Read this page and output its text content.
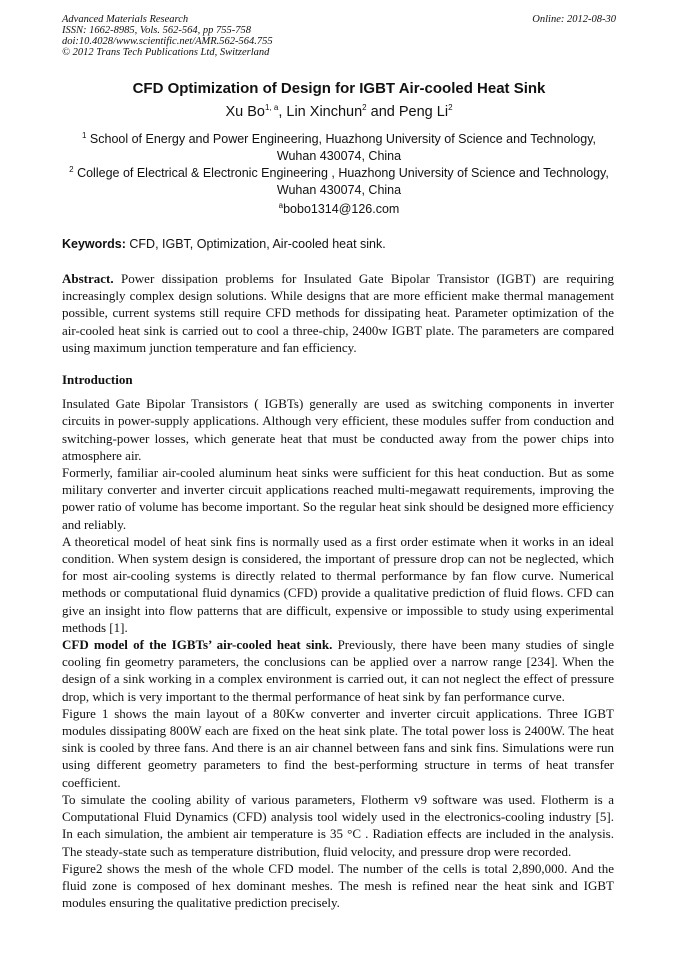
Advanced Materials Research
ISSN: 1662-8985, Vols. 562-564, pp 755-758
doi:10.4028/www.scientific.net/AMR.562-564.755
© 2012 Trans Tech Publications Ltd, Switzerland
Online: 2012-08-30
CFD Optimization of Design for IGBT Air-cooled Heat Sink
Xu Bo$^{1, a}$, Lin Xinchun$^2$ and Peng Li$^2$
$^1$ School of Energy and Power Engineering, Huazhong University of Science and Technology, Wuhan 430074, China
$^2$ College of Electrical & Electronic Engineering , Huazhong University of Science and Technology, Wuhan 430074, China
$^a$bobo1314@126.com
Keywords: CFD, IGBT, Optimization, Air-cooled heat sink.

Abstract. Power dissipation problems for Insulated Gate Bipolar Transistor (IGBT) are requiring increasingly complex design solutions. While designs that are more efficient make thermal management possible, current systems still require CFD methods for dissipating heat. Parameter optimization of the air-cooled heat sink is carried out to cool a three-chip, 2400w IGBT plate. The parameters are compared using maximum junction temperature and fan efficiency.

Introduction

Insulated Gate Bipolar Transistors ( IGBTs) generally are used as switching components in inverter circuits in power-supply applications. Although very efficient, these modules suffer from conduction and switching-power losses, which generate heat that must be conducted away from the power chips into atmosphere air.

Formerly, familiar air-cooled aluminum heat sinks were sufficient for this heat conduction. But as some military converter and inverter circuit applications reached multi-megawatt requirements, improving the power ratio of volume has become important. So the regular heat sink should be designed more efficiency and reliably.

A theoretical model of heat sink fins is normally used as a first order estimate when it works in an ideal condition. When system design is considered, the important of pressure drop can not be neglected, which for most air-cooling systems is directly related to thermal performance by fan flow curve. Numerical methods or computational fluid dynamics (CFD) provide a qualitative prediction of fluid flows. CFD can give an insight into flow patterns that are difficult, expensive or impossible to study using experimental methods [1].

CFD model of the IGBTs’ air-cooled heat sink. Previously, there have been many studies of single cooling fin geometry parameters, the conclusions can be applied over a narrow range [234]. When the design of a sink working in a complex environment is carried out, it can not neglect the effect of pressure drop, which is very important to the thermal performance of heat sink by fan performance curve.

Figure 1 shows the main layout of a 80Kw converter and inverter circuit applications. Three IGBT modules dissipating 800W each are fixed on the heat sink plate. The total power loss is 2400W. The heat sink is cooled by three fans. And there is an air channel between fans and sink fins. Simulations were run using different geometry parameters to find the best-performing structure in terms of heat transfer coefficient.

To simulate the cooling ability of various parameters, Flotherm v9 software was used. Flotherm is a Computational Fluid Dynamics (CFD) analysis tool widely used in the electronics-cooling industry [5]. In each simulation, the ambient air temperature is 35 °C . Radiation effects are included in the analysis. The steady-state such as temperature distribution, fluid velocity, and pressure drop were recorded.

Figure2 shows the mesh of the whole CFD model. The number of the cells is total 2,890,000. And the fluid zone is composed of hex dominant meshes. The mesh is refined near the heat sink and IGBT modules ensuring the qualitative prediction precisely.
